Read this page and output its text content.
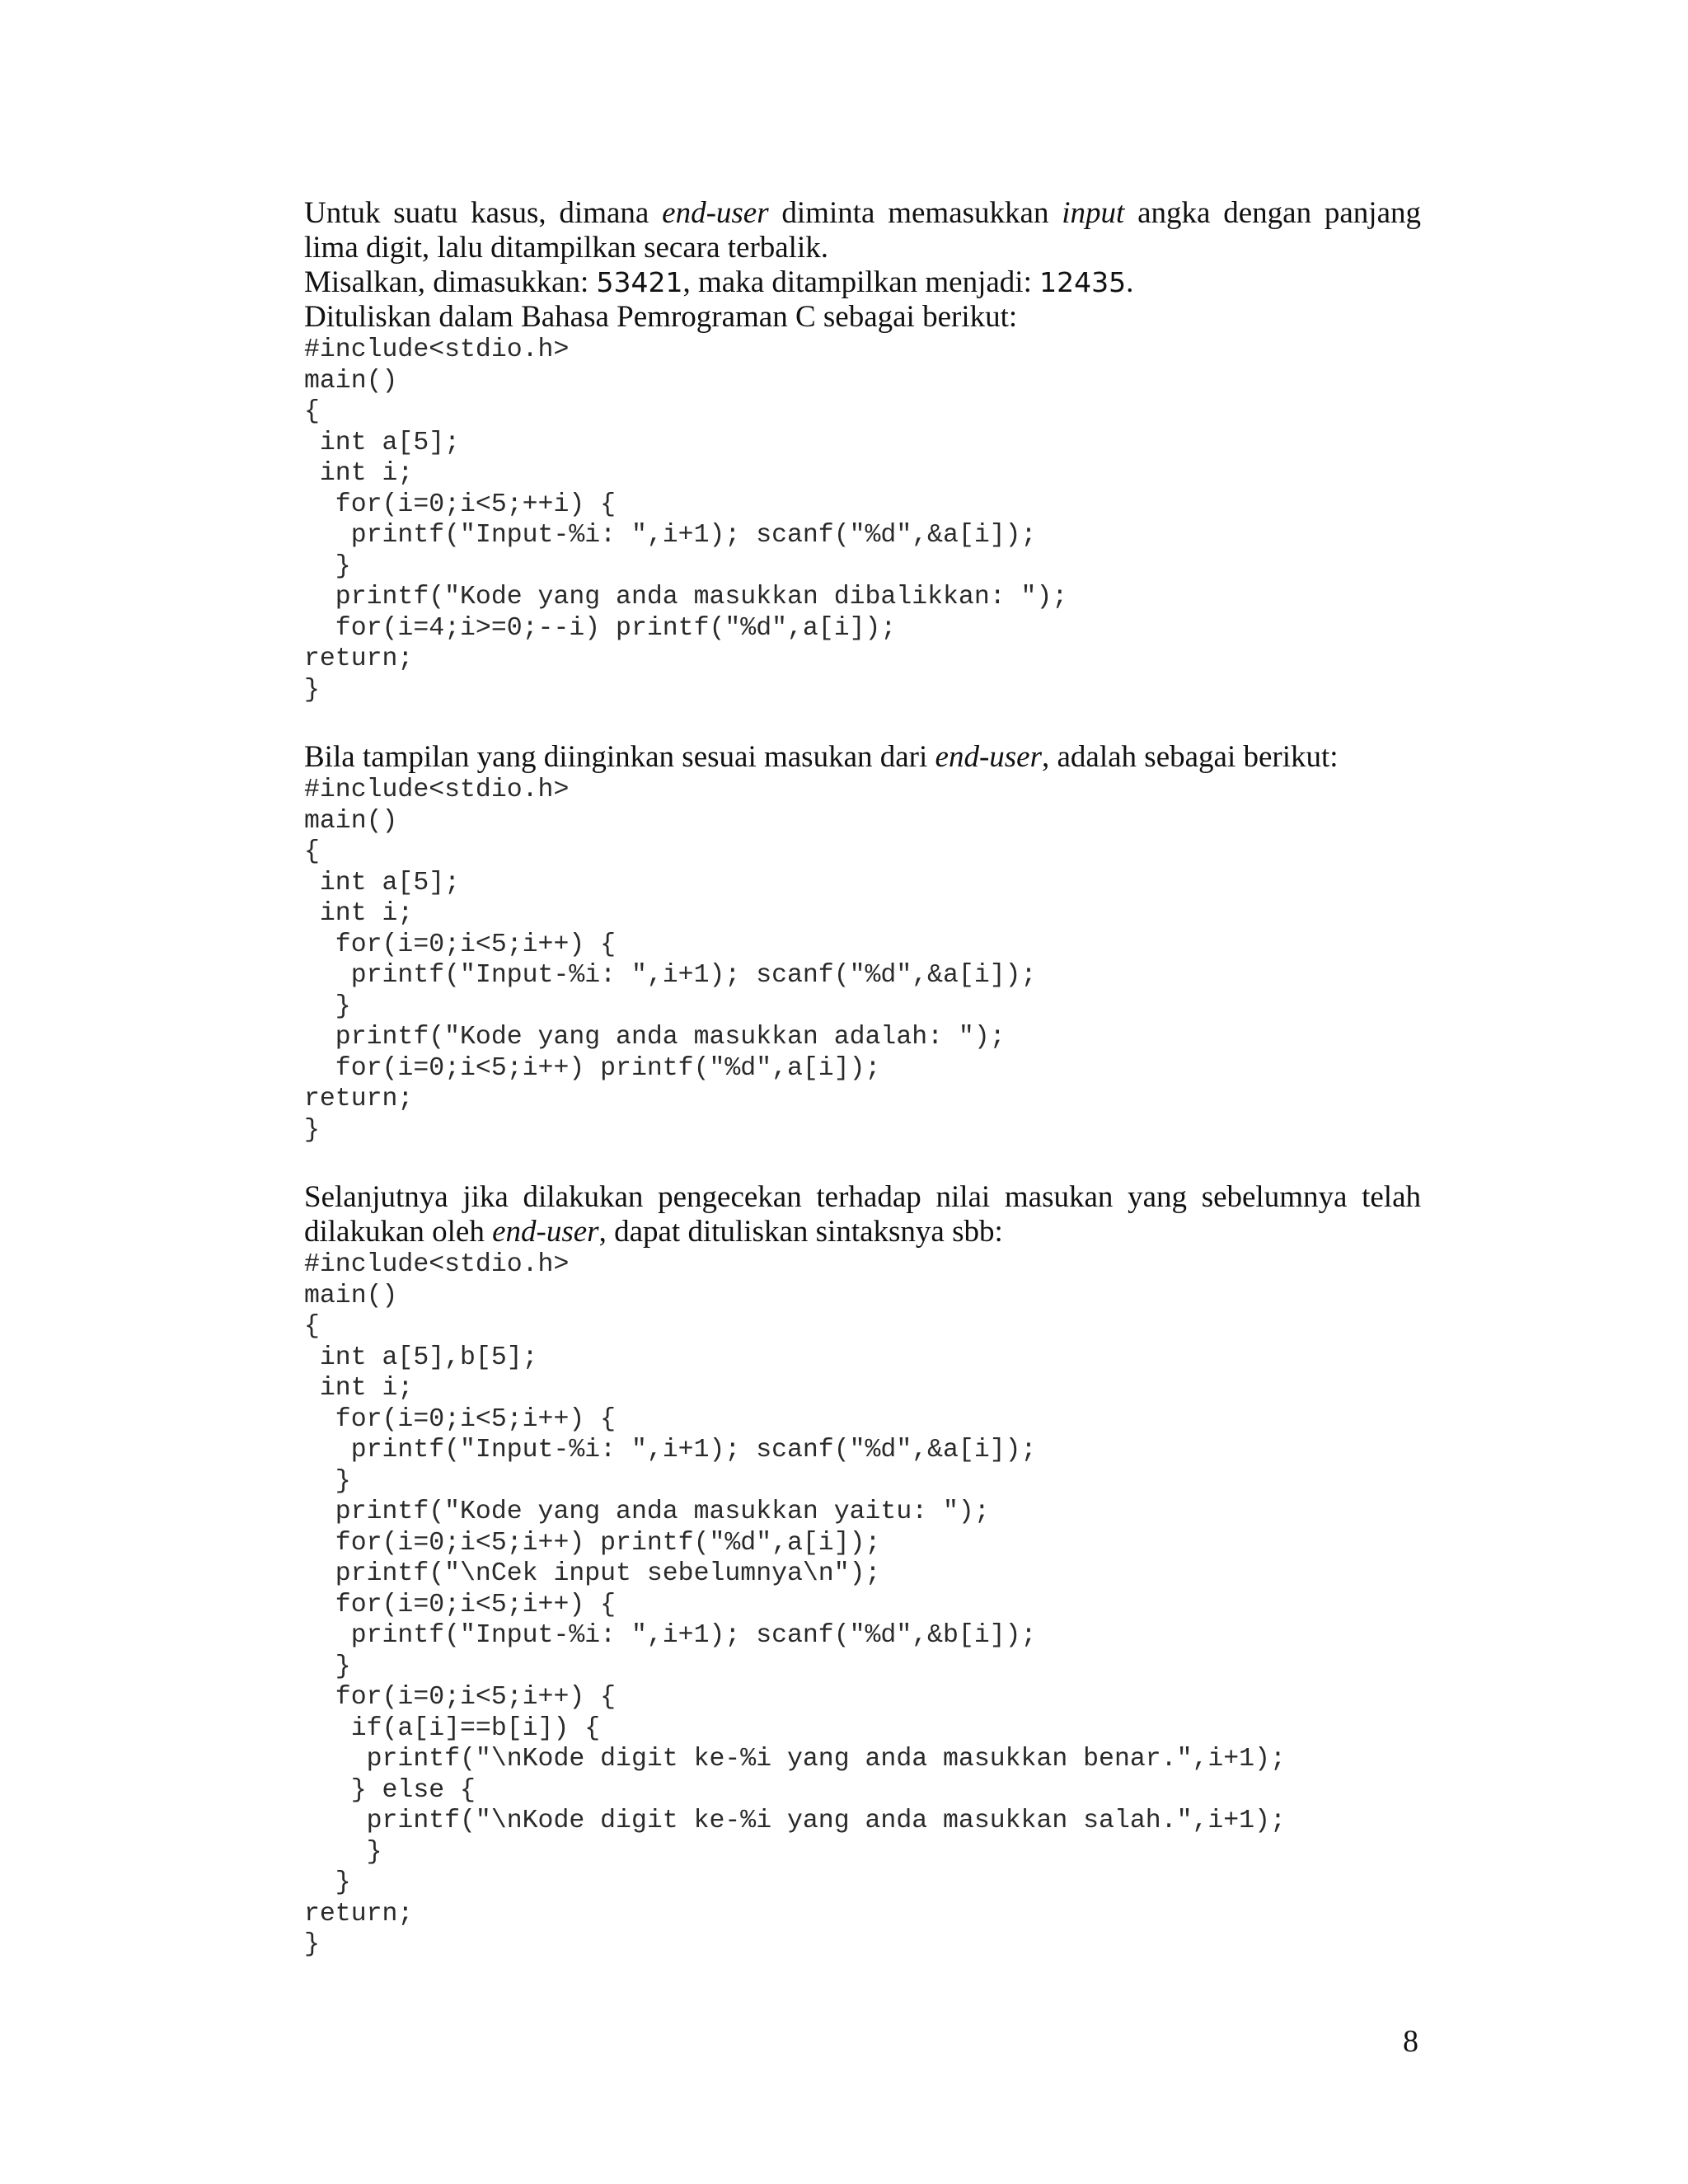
Untuk suatu kasus, dimana end-user diminta memasukkan input angka dengan panjang lima digit, lalu ditampilkan secara terbalik.

Misalkan, dimasukkan: 53421, maka ditampilkan menjadi: 12435.

Dituliskan dalam Bahasa Pemrograman C sebagai berikut:

#include<stdio.h>
main()
{
int a[5];
int i;
for(i=0;i<5;++i) {
printf("Input-%i: ",i+1); scanf("%d",&a[i]);
}
printf("Kode yang anda masukkan dibalikkan: ");
for(i=4;i>=0;--i) printf("%d",a[i]);
return;
}

Bila tampilan yang diinginkan sesuai masukan dari end-user, adalah sebagai berikut:

#include<stdio.h>
main()
{
int a[5];
int i;
for(i=0;i<5;i++) {
printf("Input-%i: ",i+1); scanf("%d",&a[i]);
}
printf("Kode yang anda masukkan adalah: ");
for(i=0;i<5;i++) printf("%d",a[i]);
return;
}

Selanjutnya jika dilakukan pengecekan terhadap nilai masukan yang sebelumnya telah dilakukan oleh end-user, dapat dituliskan sintaksnya sbb:

#include<stdio.h>
main()
{
int a[5],b[5];
int i;
for(i=0;i<5;i++) {
printf("Input-%i: ",i+1); scanf("%d",&a[i]);
}
printf("Kode yang anda masukkan yaitu: ");
for(i=0;i<5;i++) printf("%d",a[i]);
printf("\nCek input sebelumnya\n");
for(i=0;i<5;i++) {
printf("Input-%i: ",i+1); scanf("%d",&b[i]);
}
for(i=0;i<5;i++) {
if(a[i]==b[i]) {
printf("\nKode digit ke-%i yang anda masukkan benar.",i+1);
} else {
printf("\nKode digit ke-%i yang anda masukkan salah.",i+1);
}
}
return;
}
8
